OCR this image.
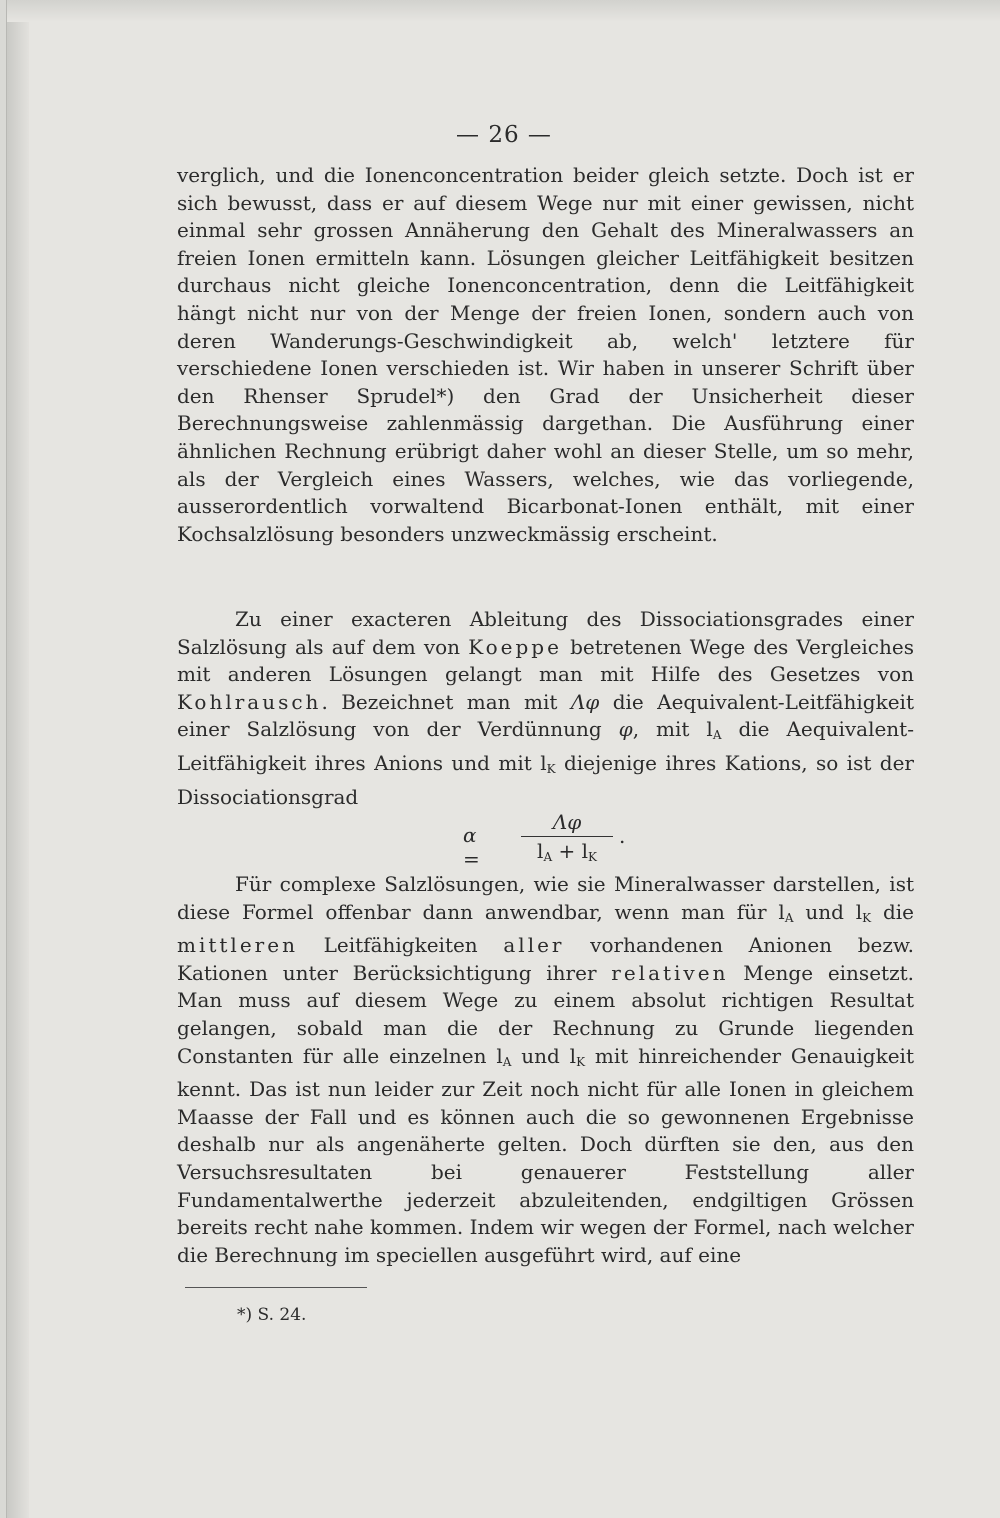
— 26 —
verglich, und die Ionenconcentration beider gleich setzte. Doch ist er sich bewusst, dass er auf diesem Wege nur mit einer gewissen, nicht einmal sehr grossen Annäherung den Gehalt des Mineralwassers an freien Ionen ermitteln kann. Lösungen gleicher Leitfähigkeit besitzen durchaus nicht gleiche Ionenconcentration, denn die Leitfähigkeit hängt nicht nur von der Menge der freien Ionen, sondern auch von deren Wanderungs-Geschwindigkeit ab, welch' letztere für verschiedene Ionen verschieden ist. Wir haben in unserer Schrift über den Rhenser Sprudel*) den Grad der Unsicherheit dieser Berechnungsweise zahlenmässig dargethan. Die Ausführung einer ähnlichen Rechnung erübrigt daher wohl an dieser Stelle, um so mehr, als der Vergleich eines Wassers, welches, wie das vorliegende, ausserordentlich vorwaltend Bicarbonat-Ionen enthält, mit einer Kochsalzlösung besonders unzweckmässig erscheint.
Zu einer exacteren Ableitung des Dissociationsgrades einer Salzlösung als auf dem von Koeppe betretenen Wege des Vergleiches mit anderen Lösungen gelangt man mit Hilfe des Gesetzes von Kohlrausch. Bezeichnet man mit Λφ die Aequivalent-Leitfähigkeit einer Salzlösung von der Verdünnung φ, mit $l_A$ die Aequivalent-Leitfähigkeit ihres Anions und mit $l_K$ diejenige ihres Kations, so ist der Dissociationsgrad
α =
Λφ
$l_A + l_K$
.
Für complexe Salzlösungen, wie sie Mineralwasser darstellen, ist diese Formel offenbar dann anwendbar, wenn man für $l_A$ und $l_K$ die mittleren Leitfähigkeiten aller vorhandenen Anionen bezw. Kationen unter Berücksichtigung ihrer relativen Menge einsetzt. Man muss auf diesem Wege zu einem absolut richtigen Resultat gelangen, sobald man die der Rechnung zu Grunde liegenden Constanten für alle einzelnen $l_A$ und $l_K$ mit hinreichender Genauigkeit kennt. Das ist nun leider zur Zeit noch nicht für alle Ionen in gleichem Maasse der Fall und es können auch die so gewonnenen Ergebnisse deshalb nur als angenäherte gelten. Doch dürften sie den, aus den Versuchsresultaten bei genauerer Feststellung aller Fundamentalwerthe jederzeit abzuleitenden, endgiltigen Grössen bereits recht nahe kommen. Indem wir wegen der Formel, nach welcher die Berechnung im speciellen ausgeführt wird, auf eine
*) S. 24.
